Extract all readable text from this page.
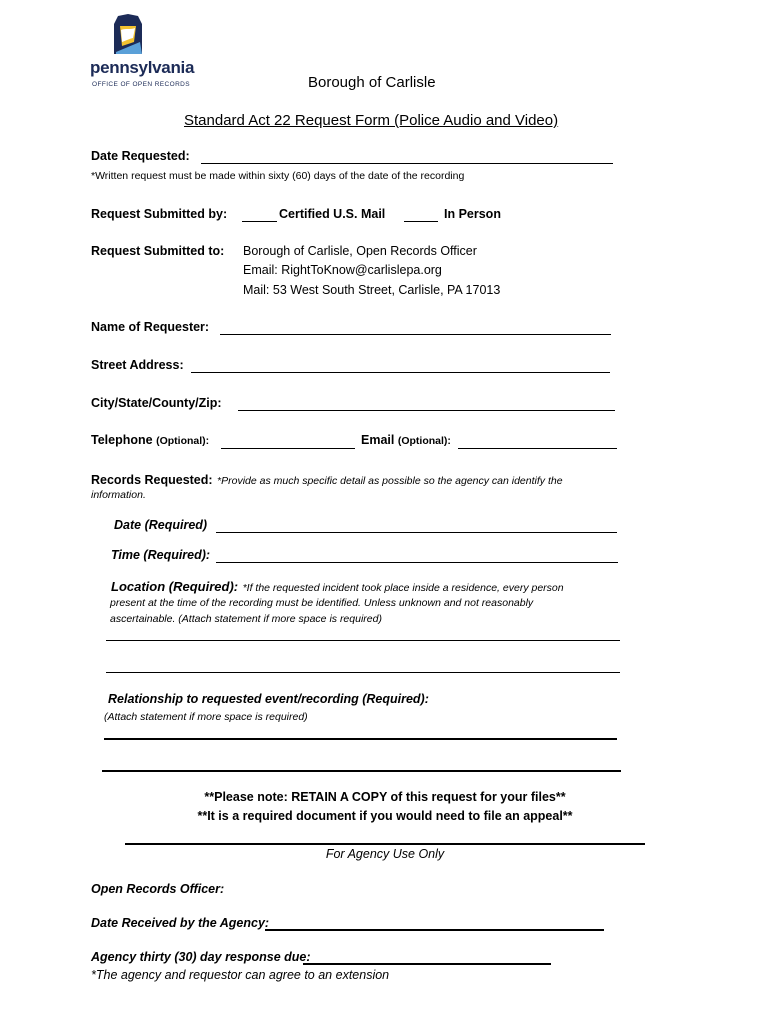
pennsylvania
OFFICE OF OPEN RECORDS	Borough of Carlisle
Standard Act 22 Request Form (Police Audio and Video)
Date Requested:
*Written request must be made within sixty (60) days of the date of the recording
Request Submitted by:	Certified U.S. Mail	In Person
Request Submitted to: Borough of Carlisle, Open Records Officer
Email: RightToKnow@carlislepa.org
Mail: 53 West South Street, Carlisle, PA 17013
Name of Requester:
Street Address:
City/State/County/Zip:
Telephone (Optional):	Email (Optional):
Records Requested: *Provide as much specific detail as possible so the agency can identify the
information.
Date (Required)
Time (Required):
Location (Required): *If the requested incident took place inside a residence, every person
present at the time of the recording must be identified. Unless unknown and not reasonably
ascertainable. (Attach statement if more space is required)
Relationship to requested event/recording (Required):
(Attach statement if more space is required)
**Please note: RETAIN A COPY of this request for your files**
**It is a required document if you would need to file an appeal**
For Agency Use Only
Open Records Officer:
Date Received by the Agency:
Agency thirty (30) day response due:
*The agency and requestor can agree to an extension
